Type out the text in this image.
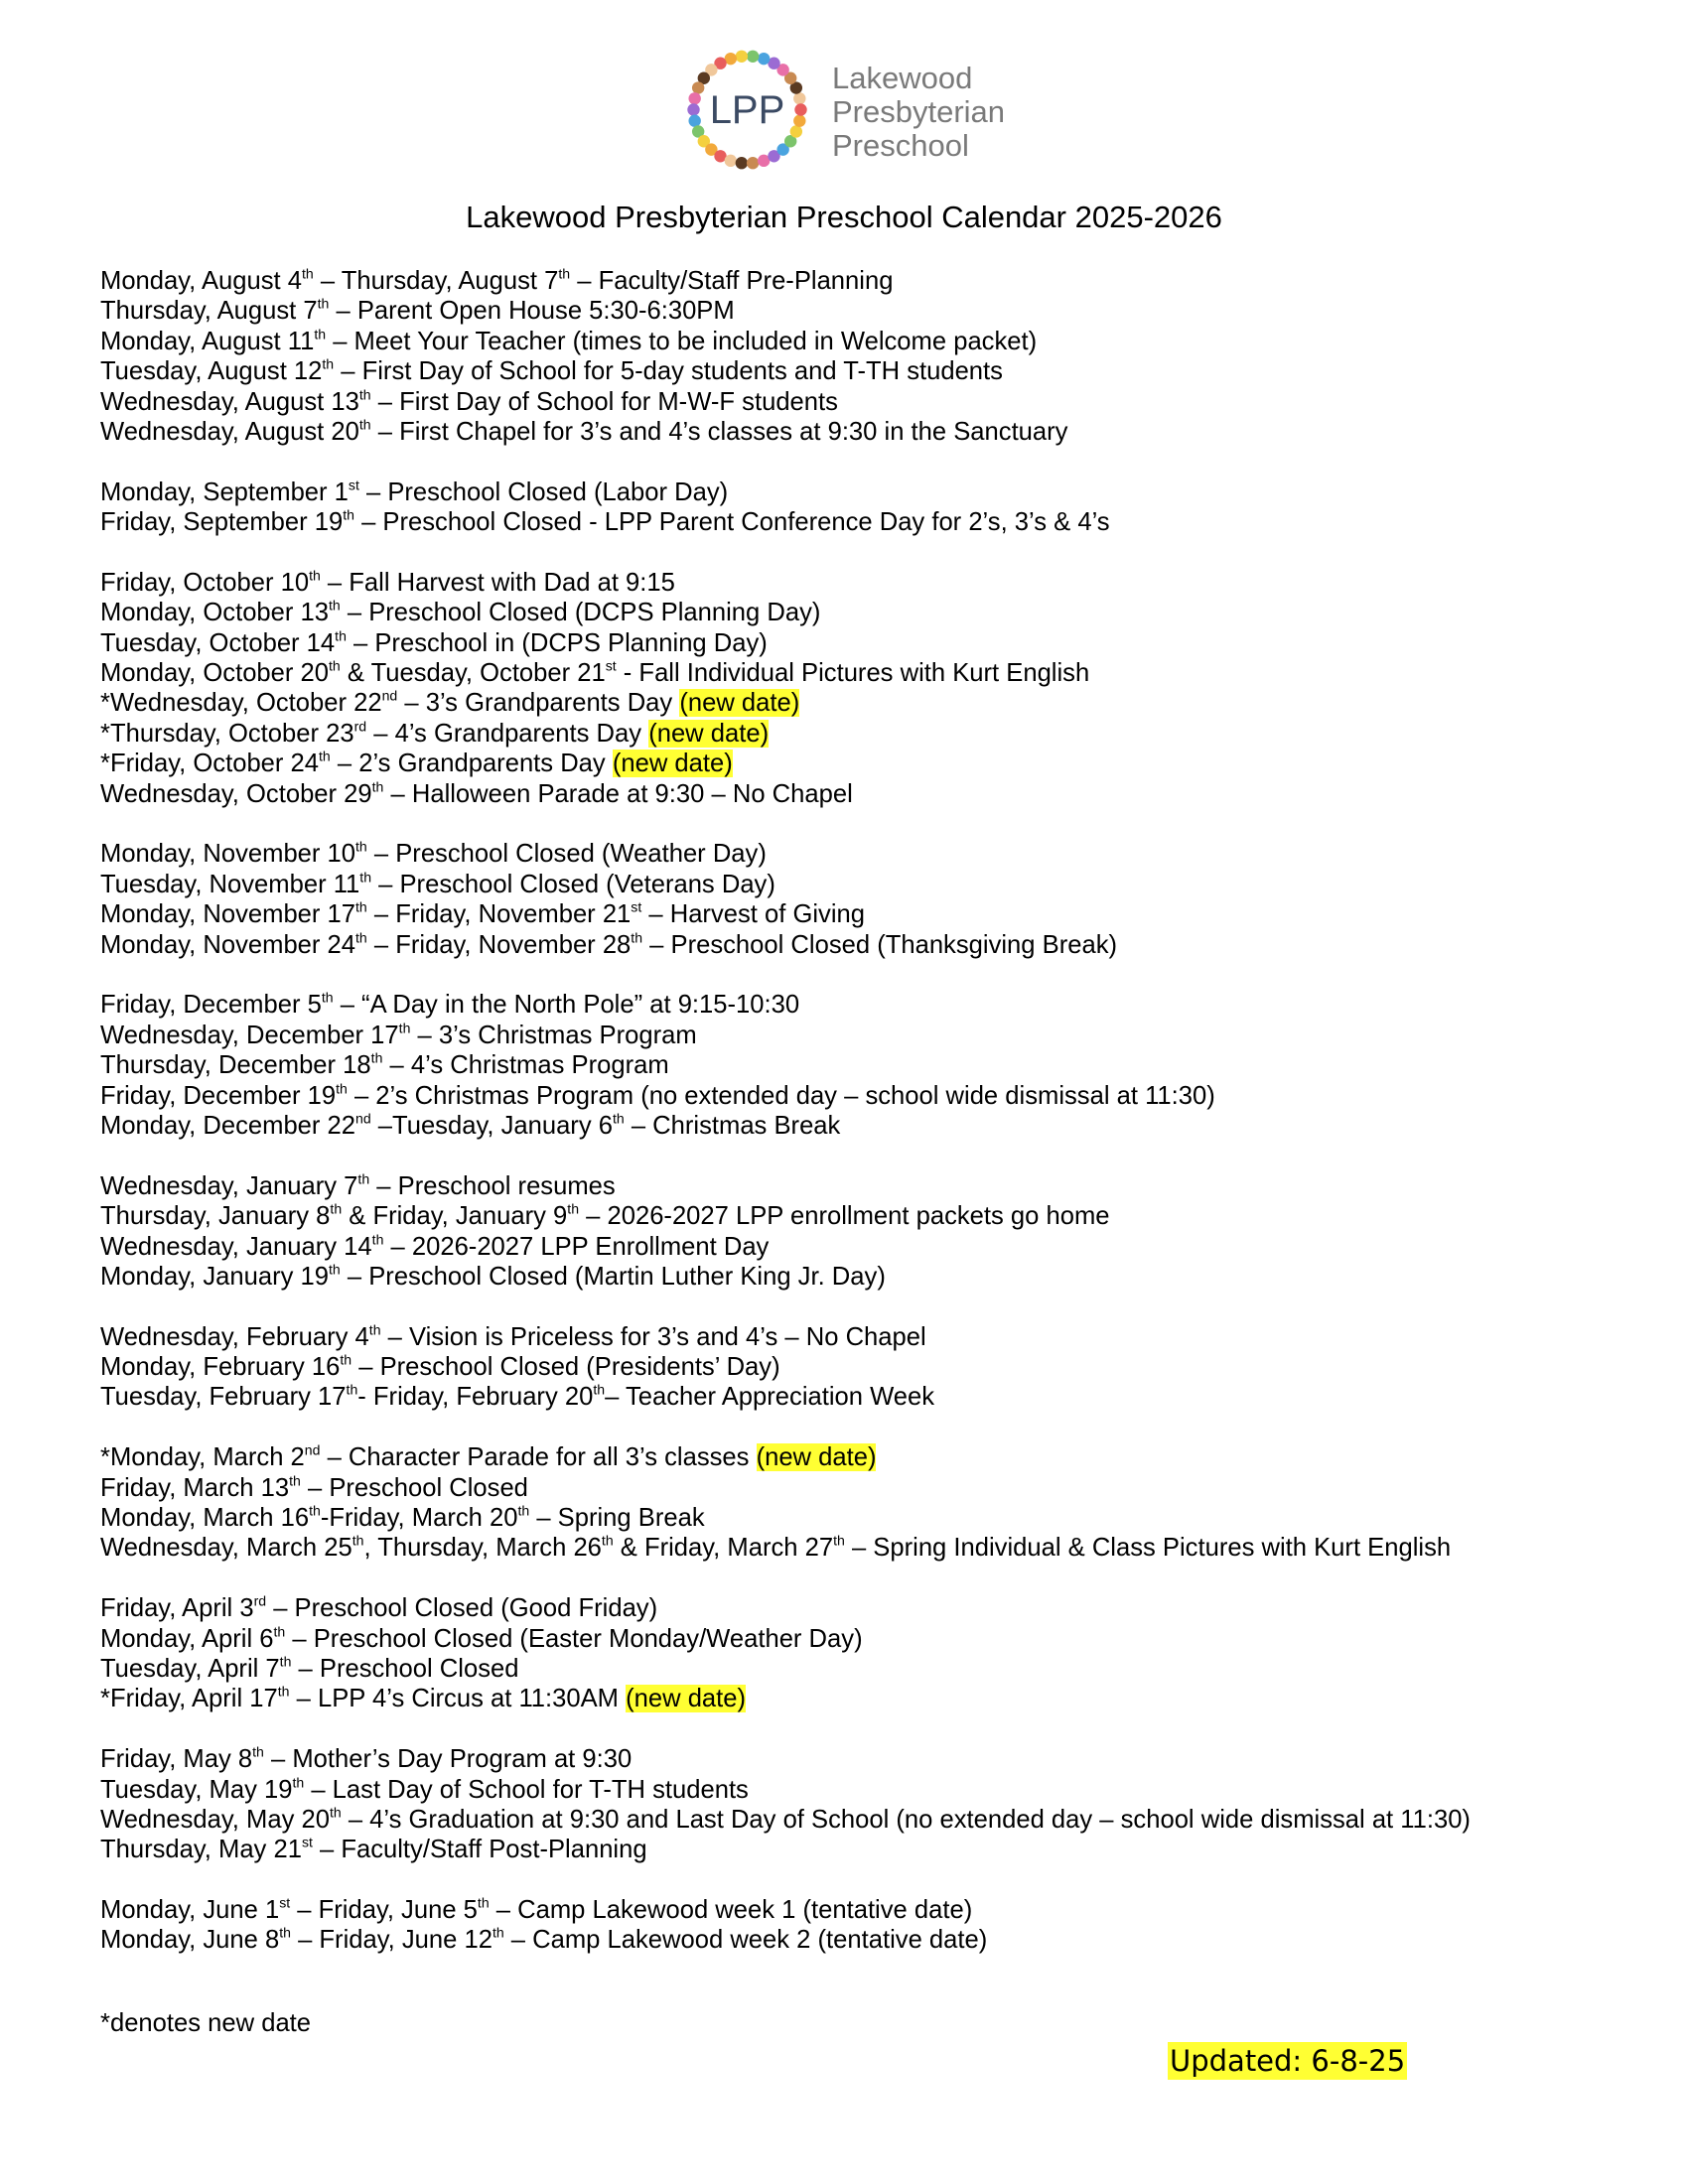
LPP
Lakewood
Presbyterian
Preschool
Lakewood Presbyterian Preschool Calendar 2025-2026
Monday, August 4th – Thursday, August 7th – Faculty/Staff Pre-Planning
Thursday, August 7th – Parent Open House 5:30-6:30PM
Monday, August 11th – Meet Your Teacher (times to be included in Welcome packet)
Tuesday, August 12th – First Day of School for 5-day students and T-TH students
Wednesday, August 13th – First Day of School for M-W-F students
Wednesday, August 20th – First Chapel for 3’s and 4’s classes at 9:30 in the Sanctuary
Monday, September 1st – Preschool Closed (Labor Day)
Friday, September 19th – Preschool Closed - LPP Parent Conference Day for 2’s, 3’s & 4’s
Friday, October 10th – Fall Harvest with Dad at 9:15
Monday, October 13th – Preschool Closed (DCPS Planning Day)
Tuesday, October 14th – Preschool in (DCPS Planning Day)
Monday, October 20th & Tuesday, October 21st - Fall Individual Pictures with Kurt English
*Wednesday, October 22nd – 3’s Grandparents Day (new date)
*Thursday, October 23rd – 4’s Grandparents Day (new date)
*Friday, October 24th – 2’s Grandparents Day (new date)
Wednesday, October 29th – Halloween Parade at 9:30 – No Chapel
Monday, November 10th – Preschool Closed (Weather Day)
Tuesday, November 11th – Preschool Closed (Veterans Day)
Monday, November 17th – Friday, November 21st – Harvest of Giving
Monday, November 24th – Friday, November 28th – Preschool Closed (Thanksgiving Break)
Friday, December 5th – “A Day in the North Pole” at 9:15-10:30
Wednesday, December 17th – 3’s Christmas Program
Thursday, December 18th – 4’s Christmas Program
Friday, December 19th – 2’s Christmas Program (no extended day – school wide dismissal at 11:30)
Monday, December 22nd –Tuesday, January 6th – Christmas Break
Wednesday, January 7th – Preschool resumes
Thursday, January 8th & Friday, January 9th – 2026-2027 LPP enrollment packets go home
Wednesday, January 14th – 2026-2027 LPP Enrollment Day
Monday, January 19th – Preschool Closed (Martin Luther King Jr. Day)
Wednesday, February 4th – Vision is Priceless for 3’s and 4’s – No Chapel
Monday, February 16th – Preschool Closed (Presidents’ Day)
Tuesday, February 17th- Friday, February 20th– Teacher Appreciation Week
*Monday, March 2nd – Character Parade for all 3’s classes (new date)
Friday, March 13th – Preschool Closed
Monday, March 16th-Friday, March 20th – Spring Break
Wednesday, March 25th, Thursday, March 26th & Friday, March 27th – Spring Individual & Class Pictures with Kurt English
Friday, April 3rd – Preschool Closed (Good Friday)
Monday, April 6th – Preschool Closed (Easter Monday/Weather Day)
Tuesday, April 7th – Preschool Closed
*Friday, April 17th – LPP 4’s Circus at 11:30AM (new date)
Friday, May 8th – Mother’s Day Program at 9:30
Tuesday, May 19th – Last Day of School for T-TH students
Wednesday, May 20th – 4’s Graduation at 9:30 and Last Day of School (no extended day – school wide dismissal at 11:30)
Thursday, May 21st – Faculty/Staff Post-Planning
Monday, June 1st – Friday, June 5th – Camp Lakewood week 1 (tentative date)
Monday, June 8th – Friday, June 12th – Camp Lakewood week 2 (tentative date)
*denotes new date
Updated: 6-8-25
